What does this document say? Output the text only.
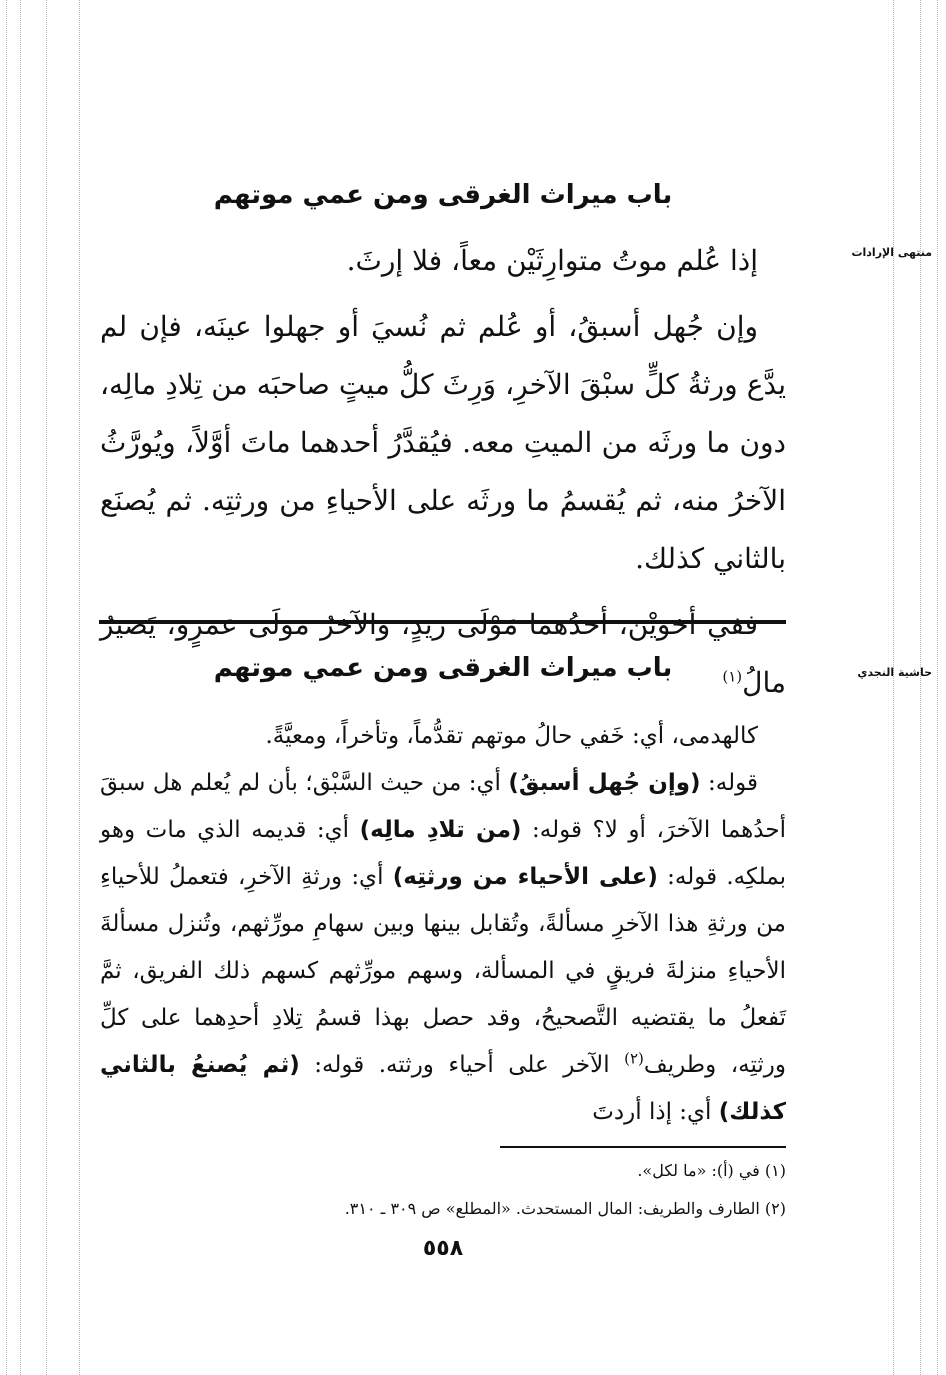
منتهى الإرادات
حاشية النجدي
باب ميراث الغرقى ومن عمي موتهم

إذا عُلم موتُ متوارِثَيْن معاً، فلا إرثَ.

وإن جُهل أسبقُ، أو عُلم ثم نُسيَ أو جهلوا عينَه، فإن لم يدَّع ورثةُ كلٍّ سبْقَ الآخرِ، وَرِثَ كلُّ ميتٍ صاحبَه من تِلادِ مالِه، دون ما ورثَه من الميتِ معه. فيُقدَّرُ أحدهما ماتَ أوَّلاً، ويُورَّثُ الآخرُ منه، ثم يُقسمُ ما ورثَه على الأحياءِ من ورثتِه. ثم يُصنَع بالثاني كذلك.

ففي أخوَيْن، أحدُهما مَوْلَى زيدٍ، والآخرُ مولَى عمرٍو، يَصيرُ مالُ$^{(١)}$

باب ميراث الغرقى ومن عمي موتهم

كالهدمى، أي: خَفي حالُ موتهم تقدُّماً، وتأخراً، ومعيَّةً.

قوله: (وإن جُهل أسبقُ) أي: من حيث السَّبْق؛ بأن لم يُعلم هل سبقَ أحدُهما الآخرَ، أو لا؟ قوله: (من تلادِ مالِه) أي: قديمه الذي مات وهو بملكِه. قوله: (على الأحياء من ورثتِه) أي: ورثةِ الآخرِ، فتعملُ للأحياءِ من ورثةِ هذا الآخرِ مسألةً، وتُقابل بينها وبين سهامِ مورِّثهم، وتُنزل مسألةَ الأحياءِ منزلةَ فريقٍ في المسألة، وسهم مورِّثهم كسهم ذلك الفريق، ثمَّ تَفعلُ ما يقتضيه التَّصحيحُ، وقد حصل بهذا قسمُ تِلادِ أحدِهما على كلِّ ورثتِه، وطريف$^{(٢)}$ الآخر على أحياء ورثته. قوله: (ثم يُصنعُ بالثاني كذلك) أي: إذا أردتَ

(١) في (أ): «ما لكل».

(٢) الطارف والطريف: المال المستحدث. «المطلع» ص ٣٠٩ ـ ٣١٠.

٥٥٨
